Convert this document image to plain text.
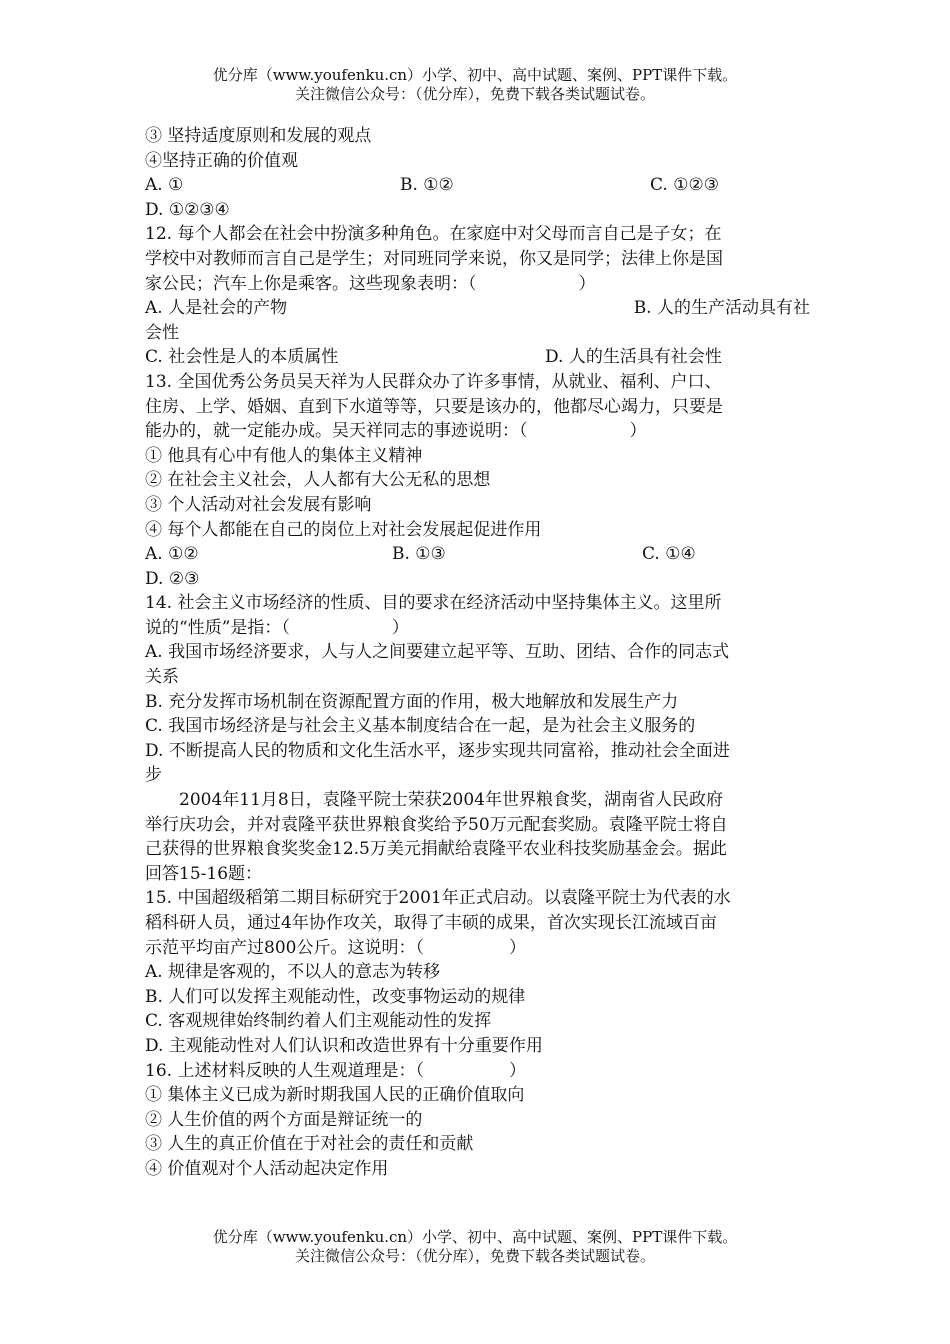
优分库（www.youfenku.cn）小学、初中、高中试题、案例、PPT课件下载。
关注微信公众号：（优分库），免费下载各类试题试卷。
③ 坚持适度原则和发展的观点
④坚持正确的价值观
A. ①	B. ①②	C. ①②③
D. ①②③④
12. 每个人都会在社会中扮演多种角色。在家庭中对父母而言自己是子女；在
学校中对教师而言自己是学生；对同班同学来说，你又是同学；法律上你是国
家公民；汽车上你是乘客。这些现象表明：（　　　　　　）
A. 人是社会的产物	B. 人的生产活动具有社
会性
C. 社会性是人的本质属性	D. 人的生活具有社会性
13. 全国优秀公务员吴天祥为人民群众办了许多事情，从就业、福利、户口、
住房、上学、婚姻、直到下水道等等，只要是该办的，他都尽心竭力，只要是
能办的，就一定能办成。吴天祥同志的事迹说明：（　　　　　　）
① 他具有心中有他人的集体主义精神
② 在社会主义社会，人人都有大公无私的思想
③ 个人活动对社会发展有影响
④ 每个人都能在自己的岗位上对社会发展起促进作用
A. ①②	B. ①③	C. ①④
D. ②③
14. 社会主义市场经济的性质、目的要求在经济活动中坚持集体主义。这里所
说的“性质”是指：（　　　　　　）
A. 我国市场经济要求，人与人之间要建立起平等、互助、团结、合作的同志式
关系
B. 充分发挥市场机制在资源配置方面的作用，极大地解放和发展生产力
C. 我国市场经济是与社会主义基本制度结合在一起，是为社会主义服务的
D. 不断提高人民的物质和文化生活水平，逐步实现共同富裕，推动社会全面进
步
2004年11月8日，袁隆平院士荣获2004年世界粮食奖，湖南省人民政府
举行庆功会，并对袁隆平获世界粮食奖给予50万元配套奖励。袁隆平院士将自
己获得的世界粮食奖奖金12.5万美元捐献给袁隆平农业科技奖励基金会。据此
回答15-16题：
15. 中国超级稻第二期目标研究于2001年正式启动。以袁隆平院士为代表的水
稻科研人员，通过4年协作攻关，取得了丰硕的成果，首次实现长江流域百亩
示范平均亩产过800公斤。这说明：（　　　　　）
A. 规律是客观的，不以人的意志为转移
B. 人们可以发挥主观能动性，改变事物运动的规律
C. 客观规律始终制约着人们主观能动性的发挥
D. 主观能动性对人们认识和改造世界有十分重要作用
16. 上述材料反映的人生观道理是：（　　　　　）
① 集体主义已成为新时期我国人民的正确价值取向
② 人生价值的两个方面是辩证统一的
③ 人生的真正价值在于对社会的责任和贡献
④ 价值观对个人活动起决定作用
优分库（www.youfenku.cn）小学、初中、高中试题、案例、PPT课件下载。
关注微信公众号：（优分库），免费下载各类试题试卷。
